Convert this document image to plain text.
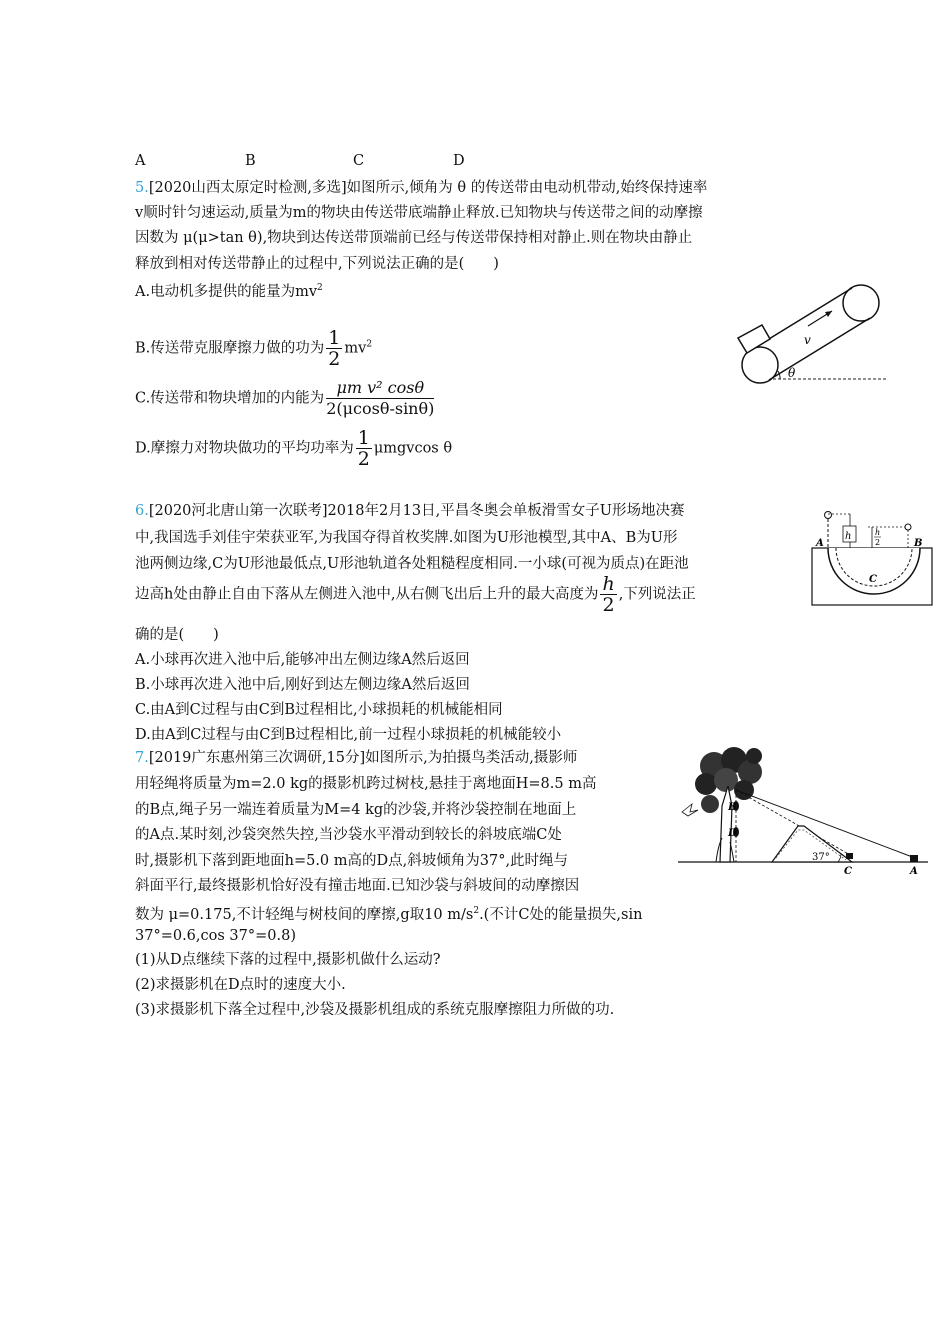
A	B	C	D
5.[2020山西太原定时检测,多选]如图所示,倾角为 θ 的传送带由电动机带动,始终保持速率
v顺时针匀速运动,质量为m的物块由传送带底端静止释放.已知物块与传送带之间的动摩擦
因数为 μ(μ>tan θ),物块到达传送带顶端前已经与传送带保持相对静止.则在物块由静止
释放到相对传送带静止的过程中,下列说法正确的是(　　)
A.电动机多提供的能量为$mv^2$
B.传送带克服摩擦力做的功为 $\frac{1}{2} mv^2$
C.传送带和物块增加的内能为 $\frac{\text{μm v² cosθ}}{2(\mu\cos\theta-\sin\theta)}$
D.摩擦力对物块做功的平均功率为 $\frac{1}{2}$ μmgvcos θ
v
θ
6.[2020河北唐山第一次联考]2018年2月13日,平昌冬奥会单板滑雪女子U形场地决赛
中,我国选手刘佳宇荣获亚军,为我国夺得首枚奖牌.如图为U形池模型,其中A、B为U形
池两侧边缘,C为U形池最低点,U形池轨道各处粗糙程度相同.一小球(可视为质点)在距池
边高h处由静止自由下落从左侧进入池中,从右侧飞出后上升的最大高度为 $\frac{h}{2}$ ,下列说法正
确的是(　　)
A.小球再次进入池中后,能够冲出左侧边缘A然后返回
B.小球再次进入池中后,刚好到达左侧边缘A然后返回
C.由A到C过程与由C到B过程相比,小球损耗的机械能相同
D.由A到C过程与由C到B过程相比,前一过程小球损耗的机械能较小
h	h
2
A	B
C
7.[2019广东惠州第三次调研,15分]如图所示,为拍摄鸟类活动,摄影师
用轻绳将质量为m=2.0 kg的摄影机跨过树枝,悬挂于离地面H=8.5 m高
的B点,绳子另一端连着质量为M=4 kg的沙袋,并将沙袋控制在地面上
的A点.某时刻,沙袋突然失控,当沙袋水平滑动到较长的斜坡底端C处
时,摄影机下落到距地面h=5.0 m高的D点,斜坡倾角为37°,此时绳与
斜面平行,最终摄影机恰好没有撞击地面.已知沙袋与斜坡间的动摩擦因
数为 μ=0.175,不计轻绳与树枝间的摩擦,g取10 $m/s^2$.(不计C处的能量损失,sin
37°=0.6,cos 37°=0.8)
(1)从D点继续下落的过程中,摄影机做什么运动?
(2)求摄影机在D点时的速度大小.
(3)求摄影机下落全过程中,沙袋及摄影机组成的系统克服摩擦阻力所做的功.
B
D
37°
C	A
